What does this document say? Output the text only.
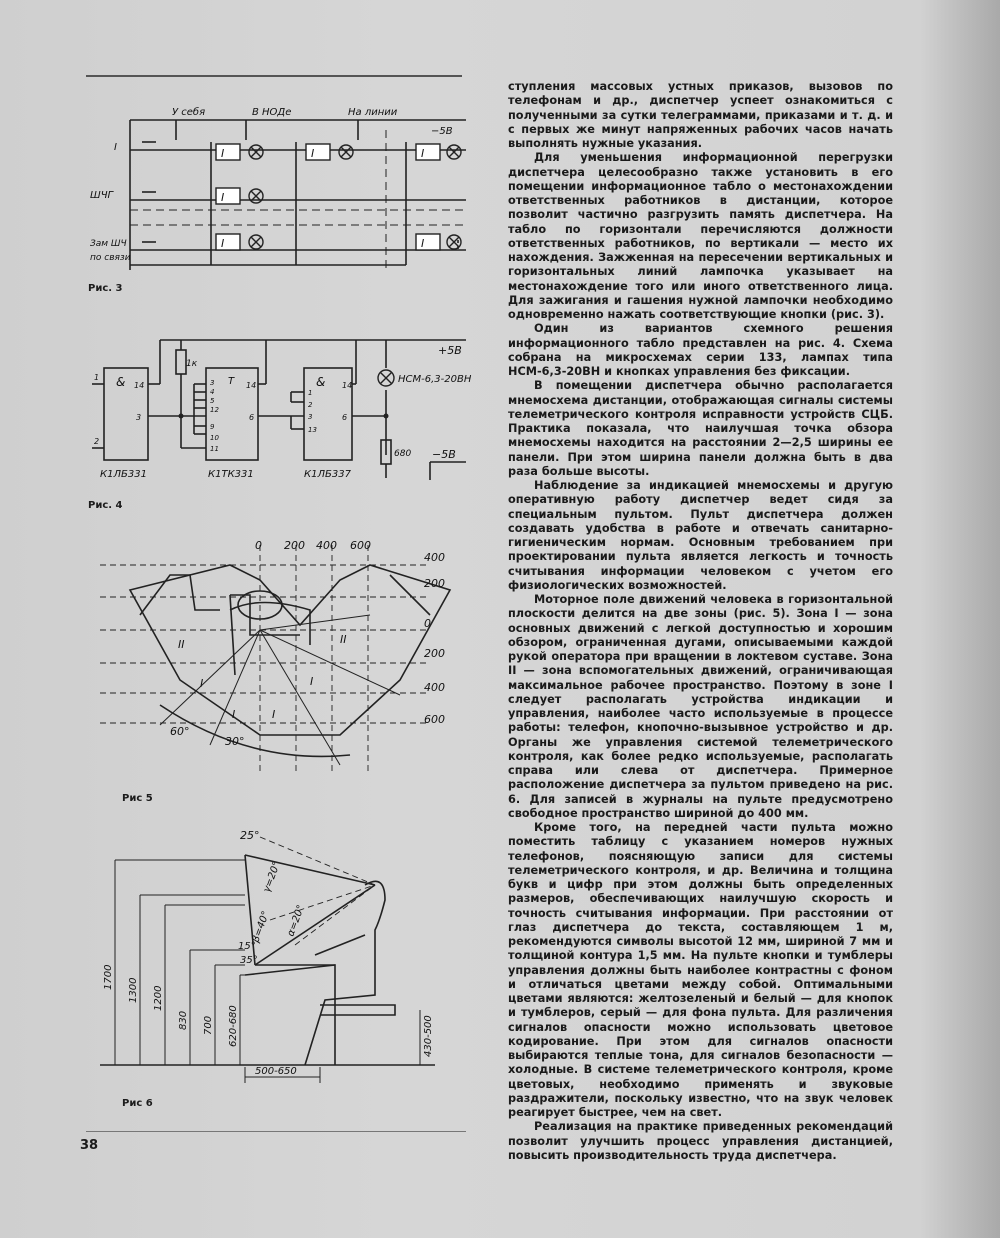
I	I	I
I
I	I
У себя	В НОДе	На линии
−5В
I
ШЧГ
Зам ШЧ
по связи
Рис. 3
&	&
T
14
1
2
3
14
6
3
4
5
12
9
10
11
14
6
1
2
3
13
1к
680
НСМ-6,3-20ВН
+5В
−5В
К1ЛБ331	К1ТК331	К1ЛБ337
Рис. 4
0 200 400 600
400
200
0
200
400
600
II	II
I	I
I	I
60°
30°
Рис 5
25°
γ=20°
β=40° α=20°
15°
35°
1700
1300 1200
830 700 620-680	430-500
500-650
Рис 6

ступления массовых устных приказов, вызовов по телефонам и др., диспетчер успеет ознакомиться с полученными за сутки телеграммами, приказами и т. д. и с первых же минут напряженных рабочих часов начать выполнять нужные указания.

Для уменьшения информационной перегрузки диспетчера целесообразно также установить в его помещении информационное табло о местонахождении ответственных работников в дистанции, которое позволит частично разгрузить память диспетчера. На табло по горизонтали перечисляются должности ответственных работников, по вертикали — место их нахождения. Зажженная на пересечении вертикальных и горизонтальных линий лампочка указывает на местонахождение того или иного ответственного лица. Для зажигания и гашения нужной лампочки необходимо одновременно нажать соответствующие кнопки (рис. 3).

Один из вариантов схемного решения информационного табло представлен на рис. 4. Схема собрана на микросхемах серии 133, лампах типа НСМ-6,3-20ВН и кнопках управления без фиксации.

В помещении диспетчера обычно располагается мнемосхема дистанции, отображающая сигналы системы телеметрического контроля исправности устройств СЦБ. Практика показала, что наилучшая точка обзора мнемосхемы находится на расстоянии 2—2,5 ширины ее панели. При этом ширина панели должна быть в два раза больше высоты.

Наблюдение за индикацией мнемосхемы и другую оперативную работу диспетчер ведет сидя за специальным пультом. Пульт диспетчера должен создавать удобства в работе и отвечать санитарно-гигиеническим нормам. Основным требованием при проектировании пульта является легкость и точность считывания информации человеком с учетом его физиологических возможностей.

Моторное поле движений человека в горизонтальной плоскости делится на две зоны (рис. 5). Зона I — зона основных движений с легкой доступностью и хорошим обзором, ограниченная дугами, описываемыми каждой рукой оператора при вращении в локтевом суставе. Зона II — зона вспомогательных движений, ограничивающая максимальное рабочее пространство. Поэтому в зоне I следует располагать устройства индикации и управления, наиболее часто используемые в процессе работы: телефон, кнопочно-вызывное устройство и др. Органы же управления системой телеметрического контроля, как более редко используемые, располагать справа или слева от диспетчера. Примерное расположение диспетчера за пультом приведено на рис. 6. Для записей в журналы на пульте предусмотрено свободное пространство шириной до 400 мм.

Кроме того, на передней части пульта можно поместить таблицу с указанием номеров нужных телефонов, поясняющую записи для системы телеметрического контроля, и др. Величина и толщина букв и цифр при этом должны быть определенных размеров, обеспечивающих наилучшую скорость и точность считывания информации. При расстоянии от глаз диспетчера до текста, составляющем 1 м, рекомендуются символы высотой 12 мм, шириной 7 мм и толщиной контура 1,5 мм. На пульте кнопки и тумблеры управления должны быть наиболее контрастны с фоном и отличаться цветами между собой. Оптимальными цветами являются: желтозеленый и белый — для кнопок и тумблеров, серый — для фона пульта. Для различения сигналов опасности можно использовать цветовое кодирование. При этом для сигналов опасности выбираются теплые тона, для сигналов безопасности — холодные. В системе телеметрического контроля, кроме цветовых, необходимо применять и звуковые раздражители, поскольку известно, что на звук человек реагирует быстрее, чем на свет.

Реализация на практике приведенных рекомендаций позволит улучшить процесс управления дистанцией, повысить производительность труда диспетчера.

38
